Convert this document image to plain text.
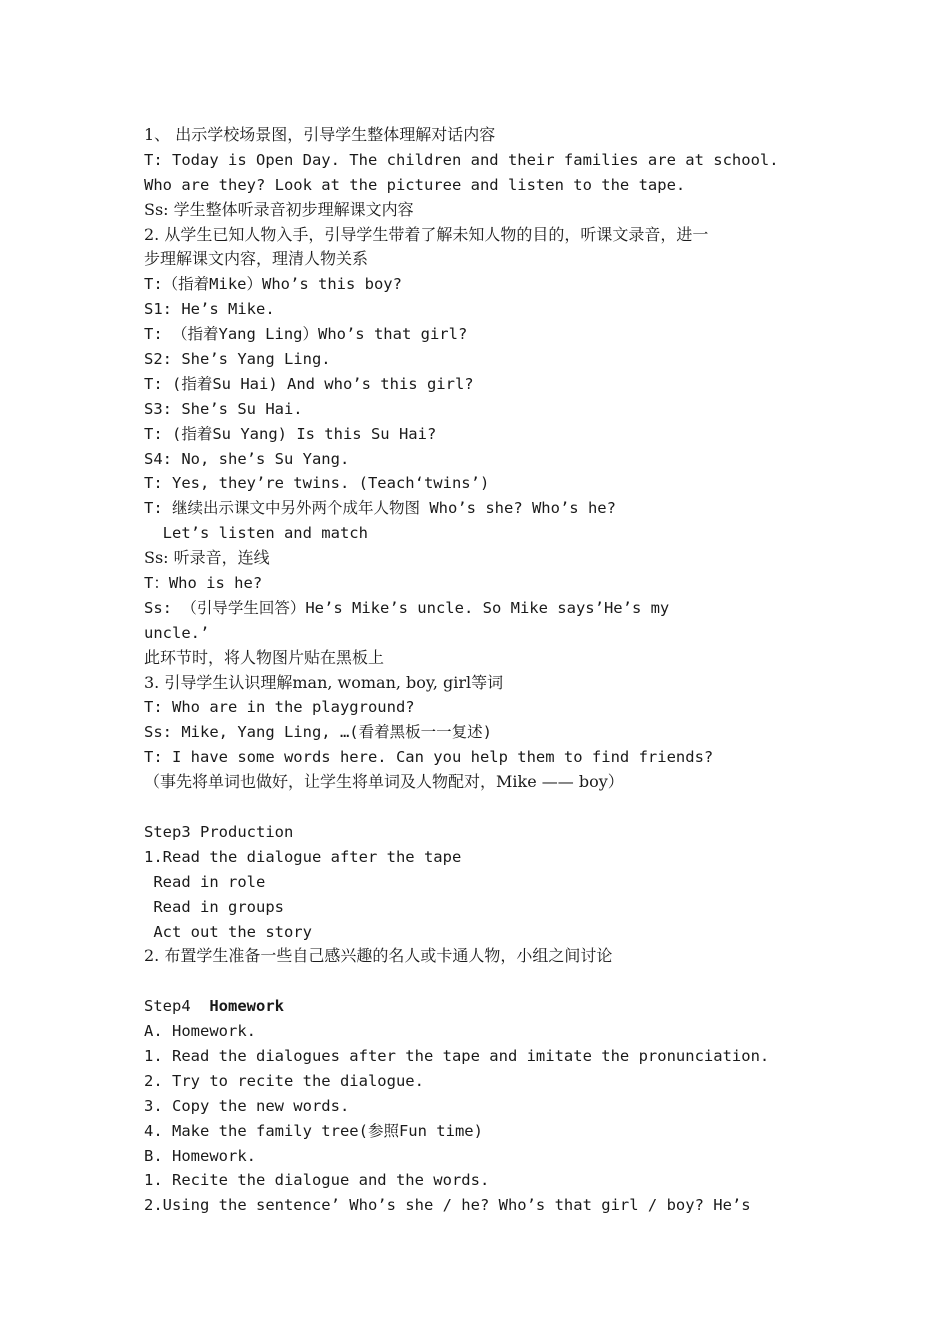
1、 出示学校场景图，引导学生整体理解对话内容
T: Today is Open Day. The children and their families are at school.
Who are they? Look at the picturee and listen to the tape.
Ss: 学生整体听录音初步理解课文内容
2. 从学生已知人物入手，引导学生带着了解未知人物的目的，听课文录音，进一
步理解课文内容，理清人物关系
T:（指着Mike）Who’s this boy?
S1: He’s Mike.
T: （指着Yang Ling）Who’s that girl?
S2: She’s Yang Ling.
T: (指着Su Hai) And who’s this girl?
S3: She’s Su Hai.
T: (指着Su Yang) Is this Su Hai?
S4: No, she’s Su Yang.
T: Yes, they’re twins. (Teach‘twins’)
T: 继续出示课文中另外两个成年人物图 Who’s she? Who’s he?
Let’s listen and match
Ss: 听录音，连线
T：Who is he?
Ss: （引导学生回答）He’s Mike’s uncle. So Mike says’He’s my
uncle.’
此环节时，将人物图片贴在黑板上
3. 引导学生认识理解man, woman, boy, girl等词
T: Who are in the playground?
Ss: Mike, Yang Ling, …(看着黑板一一复述)
T: I have some words here. Can you help them to find friends?
（事先将单词也做好，让学生将单词及人物配对，Mike —— boy）
Step3 Production
1.Read the dialogue after the tape
Read in role
Read in groups
Act out the story
2. 布置学生准备一些自己感兴趣的名人或卡通人物，小组之间讨论
Step4  Homework
A. Homework.
1. Read the dialogues after the tape and imitate the pronunciation.
2. Try to recite the dialogue.
3. Copy the new words.
4. Make the family tree(参照Fun time)
B. Homework.
1. Recite the dialogue and the words.
2.Using the sentence’ Who’s she / he? Who’s that girl / boy? He’s
